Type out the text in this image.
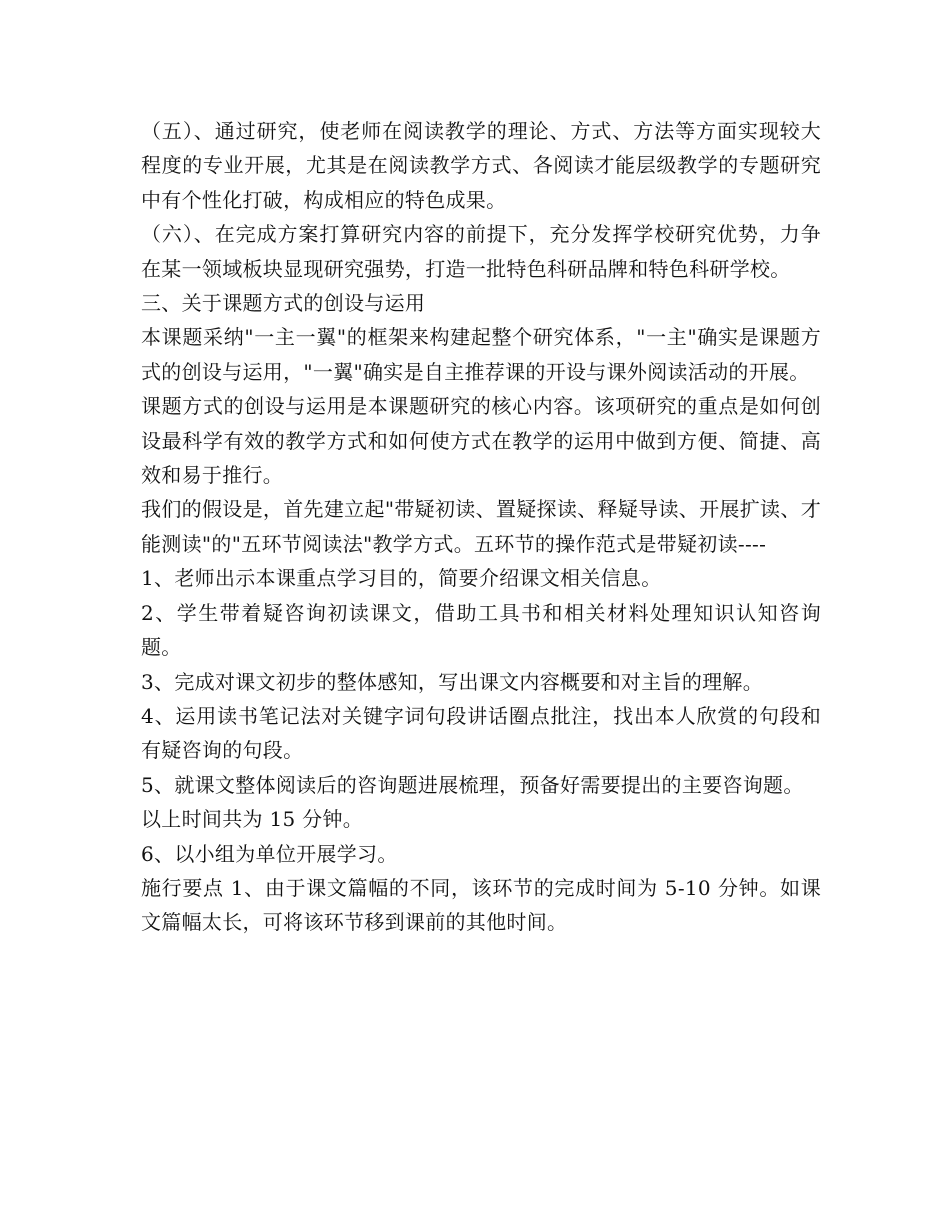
（五）、通过研究，使老师在阅读教学的理论、方式、方法等方面实现较大程度的专业开展，尤其是在阅读教学方式、各阅读才能层级教学的专题研究中有个性化打破，构成相应的特色成果。

（六）、在完成方案打算研究内容的前提下，充分发挥学校研究优势，力争在某一领域板块显现研究强势，打造一批特色科研品牌和特色科研学校。

三、关于课题方式的创设与运用

本课题采纳"一主一翼"的框架来构建起整个研究体系，"一主"确实是课题方式的创设与运用，"一翼"确实是自主推荐课的开设与课外阅读活动的开展。

课题方式的创设与运用是本课题研究的核心内容。该项研究的重点是如何创设最科学有效的教学方式和如何使方式在教学的运用中做到方便、简捷、高效和易于推行。

我们的假设是，首先建立起"带疑初读、置疑探读、释疑导读、开展扩读、才能测读"的"五环节阅读法"教学方式。五环节的操作范式是带疑初读----

1、老师出示本课重点学习目的，简要介绍课文相关信息。

2、学生带着疑咨询初读课文，借助工具书和相关材料处理知识认知咨询题。

3、完成对课文初步的整体感知，写出课文内容概要和对主旨的理解。

4、运用读书笔记法对关键字词句段讲话圈点批注，找出本人欣赏的句段和有疑咨询的句段。

5、就课文整体阅读后的咨询题进展梳理，预备好需要提出的主要咨询题。

以上时间共为 15 分钟。

6、以小组为单位开展学习。

施行要点 1、由于课文篇幅的不同，该环节的完成时间为 5-10 分钟。如课文篇幅太长，可将该环节移到课前的其他时间。
